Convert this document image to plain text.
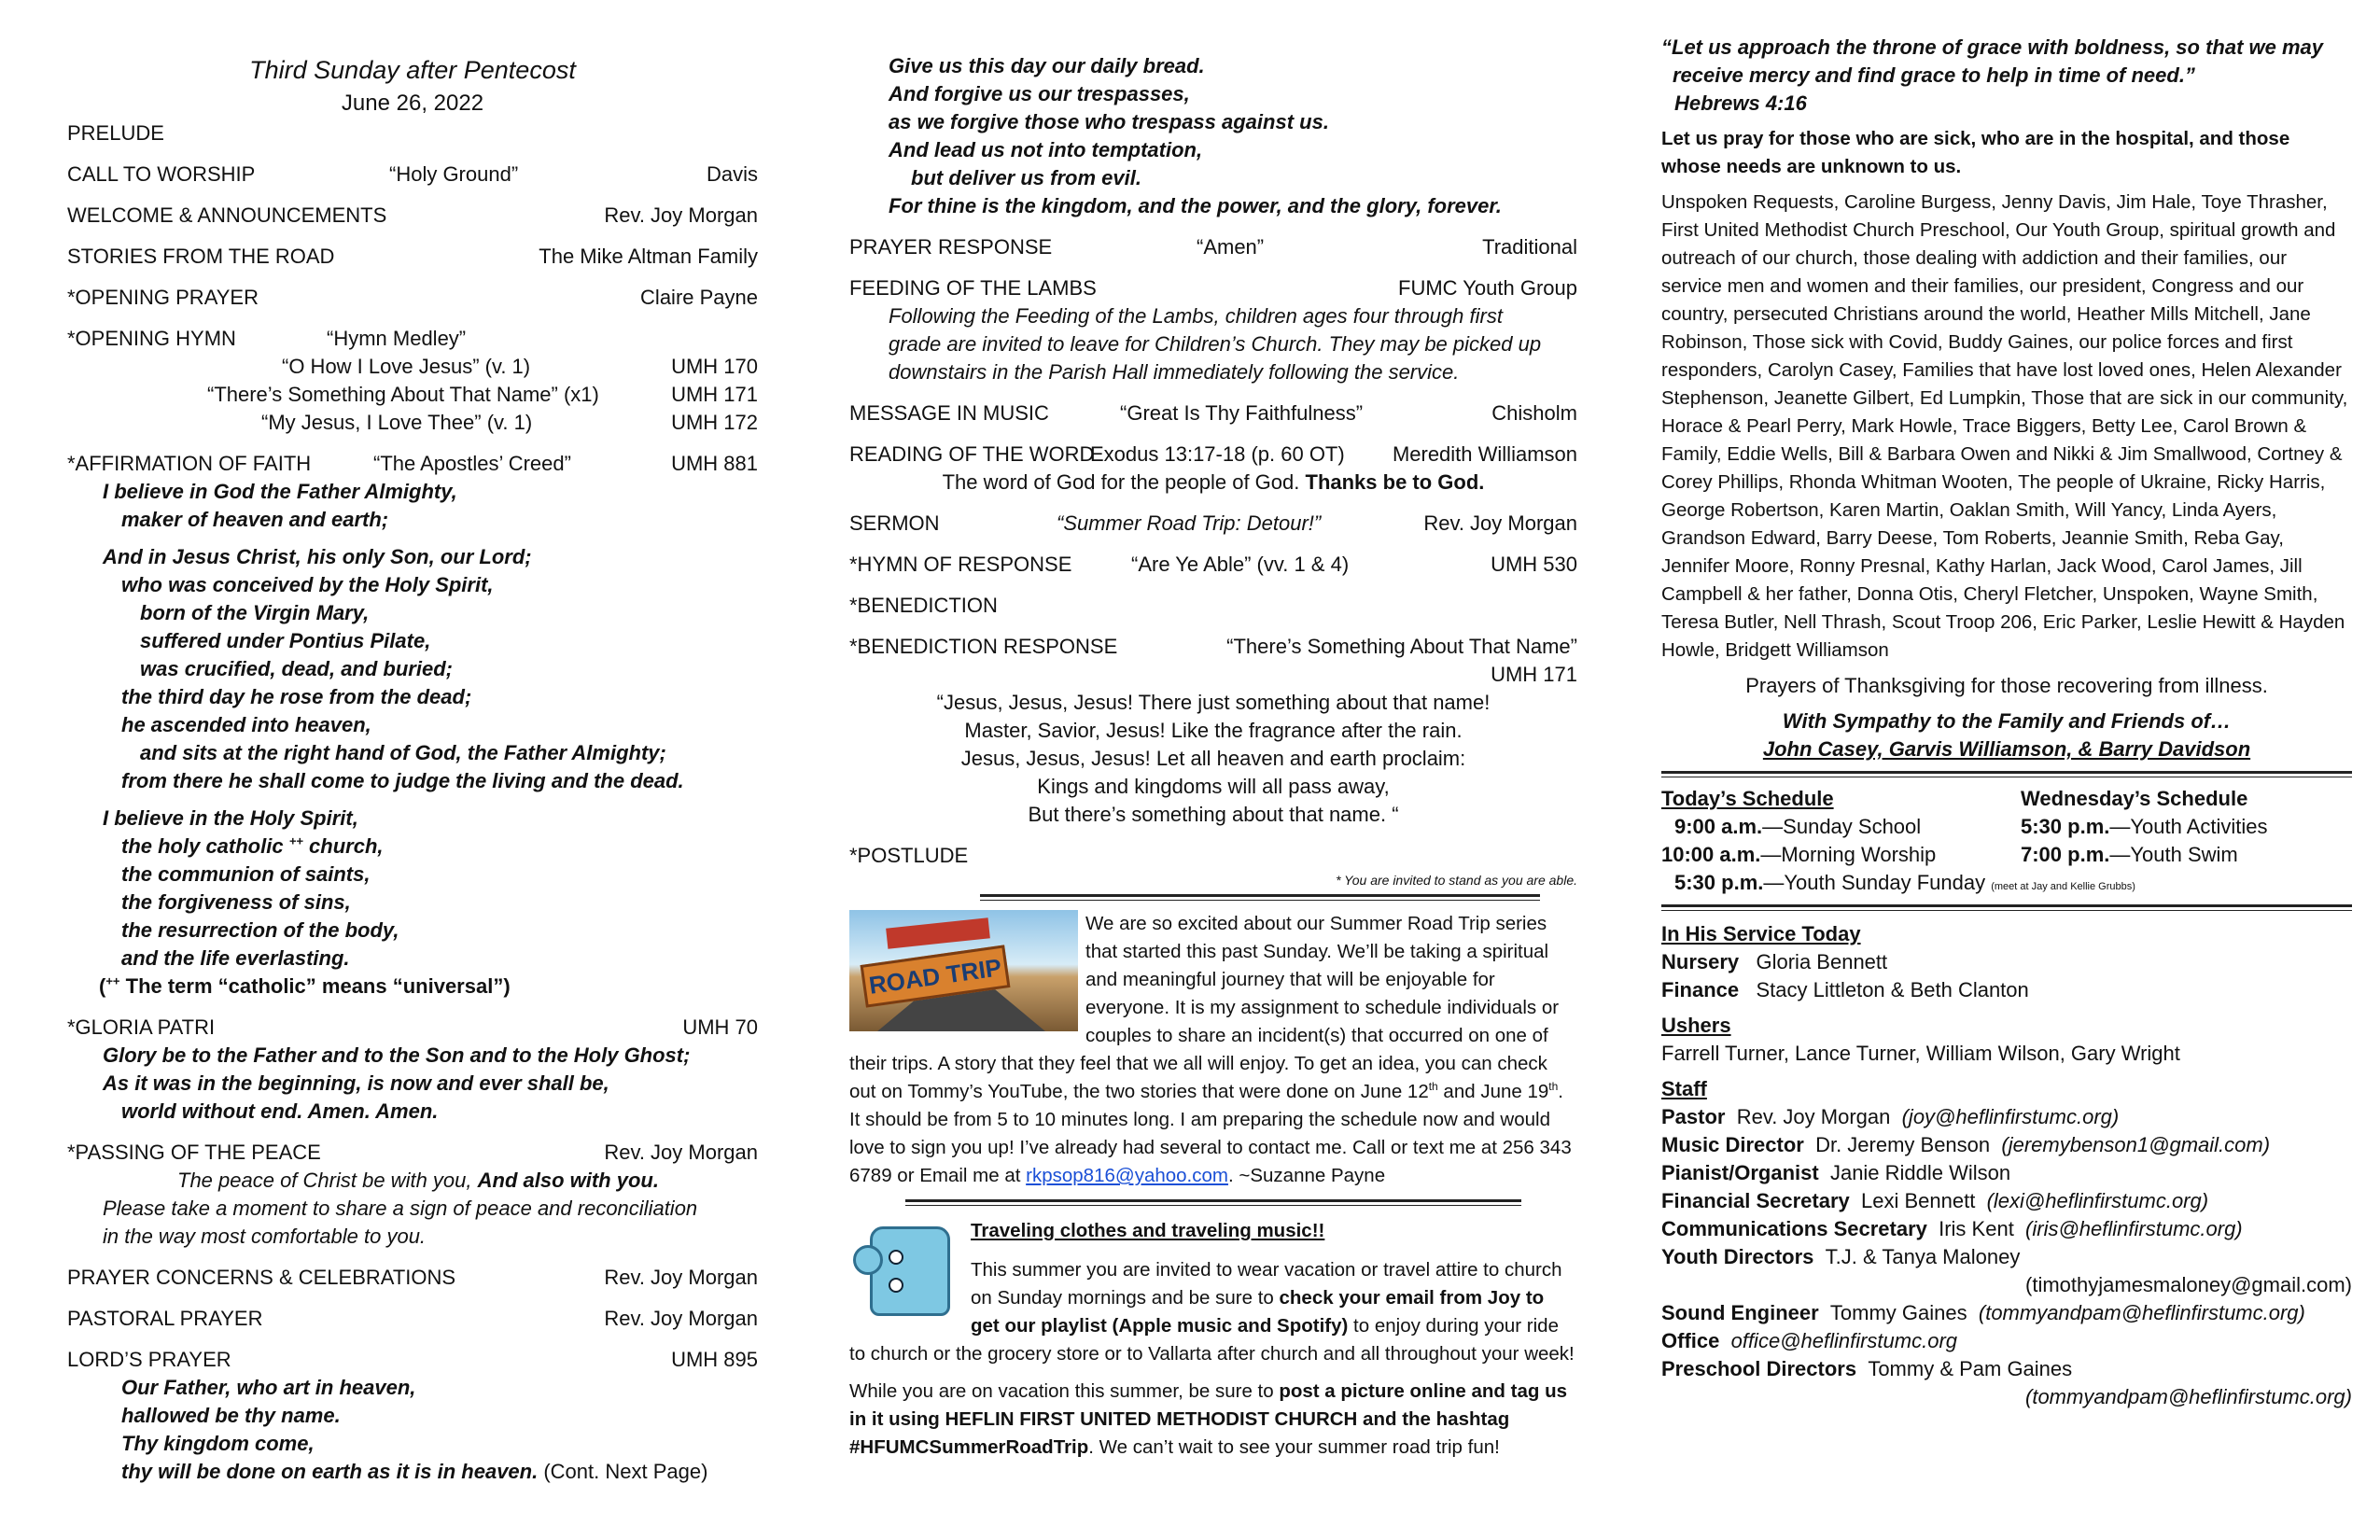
Third Sunday after Pentecost
June 26, 2022
PRELUDE
CALL TO WORSHIP	“Holy Ground”	Davis
WELCOME & ANNOUNCEMENTS	Rev. Joy Morgan
STORIES FROM THE ROAD	The Mike Altman Family
*OPENING PRAYER	Claire Payne
*OPENING HYMN	“Hymn Medley”
“O How I Love Jesus” (v. 1)	UMH 170
“There’s Something About That Name” (x1)	UMH 171
“My Jesus, I Love Thee” (v. 1)	UMH 172
*AFFIRMATION OF FAITH	“The Apostles’ Creed”	UMH 881
I believe in God the Father Almighty,
maker of heaven and earth;
And in Jesus Christ, his only Son, our Lord;
who was conceived by the Holy Spirit,
born of the Virgin Mary,
suffered under Pontius Pilate,
was crucified, dead, and buried;
the third day he rose from the dead;
he ascended into heaven,
and sits at the right hand of God, the Father Almighty;
from there he shall come to judge the living and the dead.
I believe in the Holy Spirit,
the holy catholic ++ church,
the communion of saints,
the forgiveness of sins,
the resurrection of the body,
and the life everlasting.
(++ The term “catholic” means “universal”)
*GLORIA PATRI	UMH 70
Glory be to the Father and to the Son and to the Holy Ghost;
As it was in the beginning, is now and ever shall be,
world without end. Amen. Amen.
*PASSING OF THE PEACE	Rev. Joy Morgan
The peace of Christ be with you, And also with you.
Please take a moment to share a sign of peace and reconciliation
in the way most comfortable to you.
PRAYER CONCERNS & CELEBRATIONS	Rev. Joy Morgan
PASTORAL PRAYER	Rev. Joy Morgan
LORD’S PRAYER	UMH 895
Our Father, who art in heaven,
hallowed be thy name.
Thy kingdom come,
thy will be done on earth as it is in heaven. (Cont. Next Page)
Give us this day our daily bread.
And forgive us our trespasses,
as we forgive those who trespass against us.
And lead us not into temptation,
but deliver us from evil.
For thine is the kingdom, and the power, and the glory, forever.
PRAYER RESPONSE	“Amen”	Traditional
FEEDING OF THE LAMBS	FUMC Youth Group
Following the Feeding of the Lambs, children ages four through first
grade are invited to leave for Children’s Church. They may be picked up
downstairs in the Parish Hall immediately following the service.
MESSAGE IN MUSIC	“Great Is Thy Faithfulness”	Chisholm
READING OF THE WORD
Exodus 13:17-18 (p. 60 OT) Meredith Williamson
The word of God for the people of God. Thanks be to God.
SERMON	“Summer Road Trip: Detour!”	Rev. Joy Morgan
*HYMN OF RESPONSE	“Are Ye Able” (vv. 1 & 4)	UMH 530
*BENEDICTION
*BENEDICTION RESPONSE	“There’s Something About That Name”
UMH 171
“Jesus, Jesus, Jesus! There just something about that name!
Master, Savior, Jesus! Like the fragrance after the rain.
Jesus, Jesus, Jesus! Let all heaven and earth proclaim:
Kings and kingdoms will all pass away,
But there’s something about that name. “
*POSTLUDE
* You are invited to stand as you are able.
ROAD TRIP
We are so excited about our Summer Road Trip series that started this past Sunday. We’ll be taking a spiritual and meaningful journey that will be enjoyable for everyone. It is my assignment to schedule individuals or couples to share an incident(s) that occurred on one of their trips. A story that they feel that we all will enjoy. To get an idea, you can check out on Tommy’s YouTube, the two stories that were done on June 12th and June 19th. It should be from 5 to 10 minutes long. I am preparing the schedule now and would love to sign you up! I’ve already had several to contact me. Call or text me at 256 343 6789 or Email me at rkpsop816@yahoo.com. ~Suzanne Payne
Traveling clothes and traveling music!!
This summer you are invited to wear vacation or travel attire to church on Sunday mornings and be sure to check your email from Joy to get our playlist (Apple music and Spotify) to enjoy during your ride to church or the grocery store or to Vallarta after church and all throughout your week!
While you are on vacation this summer, be sure to post a picture online and tag us in it using HEFLIN FIRST UNITED METHODIST CHURCH and the hashtag #HFUMCSummerRoadTrip. We can’t wait to see your summer road trip fun!
“Let us approach the throne of grace with boldness, so that we may
receive mercy and find grace to help in time of need.”
Hebrews 4:16
Let us pray for those who are sick, who are in the hospital, and those whose needs are unknown to us.
Unspoken Requests, Caroline Burgess, Jenny Davis, Jim Hale, Toye Thrasher, First United Methodist Church Preschool, Our Youth Group, spiritual growth and outreach of our church, those dealing with addiction and their families, our service men and women and their families, our president, Congress and our country, persecuted Christians around the world, Heather Mills Mitchell, Jane Robinson, Those sick with Covid, Buddy Gaines, our police forces and first responders, Carolyn Casey, Families that have lost loved ones, Helen Alexander Stephenson, Jeanette Gilbert, Ed Lumpkin, Those that are sick in our community, Horace & Pearl Perry, Mark Howle, Trace Biggers, Betty Lee, Carol Brown & Family, Eddie Wells, Bill & Barbara Owen and Nikki & Jim Smallwood, Cortney & Corey Phillips, Rhonda Whitman Wooten, The people of Ukraine, Ricky Harris, George Robertson, Karen Martin, Oaklan Smith, Will Yancy, Linda Ayers, Grandson Edward, Barry Deese, Tom Roberts, Jeannie Smith, Reba Gay, Jennifer Moore, Ronny Presnal, Kathy Harlan, Jack Wood, Carol James, Jill Campbell & her father, Donna Otis, Cheryl Fletcher, Unspoken, Wayne Smith, Teresa Butler, Nell Thrash, Scout Troop 206, Eric Parker, Leslie Hewitt & Hayden Howle, Bridgett Williamson
Prayers of Thanksgiving for those recovering from illness.
With Sympathy to the Family and Friends of…
John Casey, Garvis Williamson, & Barry Davidson
Today’s Schedule	Wednesday’s Schedule
9:00 a.m.—Sunday School	5:30 p.m.—Youth Activities
10:00 a.m.—Morning Worship	7:00 p.m.—Youth Swim
5:30 p.m.—Youth Sunday Funday (meet at Jay and Kellie Grubbs)
In His Service Today
Nursery Gloria Bennett
Finance Stacy Littleton & Beth Clanton
Ushers
Farrell Turner, Lance Turner, William Wilson, Gary Wright
Staff
Pastor Rev. Joy Morgan (joy@heflinfirstumc.org)
Music Director Dr. Jeremy Benson (jeremybenson1@gmail.com)
Pianist/Organist Janie Riddle Wilson
Financial Secretary Lexi Bennett (lexi@heflinfirstumc.org)
Communications Secretary Iris Kent (iris@heflinfirstumc.org)
Youth Directors T.J. & Tanya Maloney
(timothyjamesmaloney@gmail.com)
Sound Engineer Tommy Gaines (tommyandpam@heflinfirstumc.org)
Office office@heflinfirstumc.org
Preschool Directors Tommy & Pam Gaines
(tommyandpam@heflinfirstumc.org)
